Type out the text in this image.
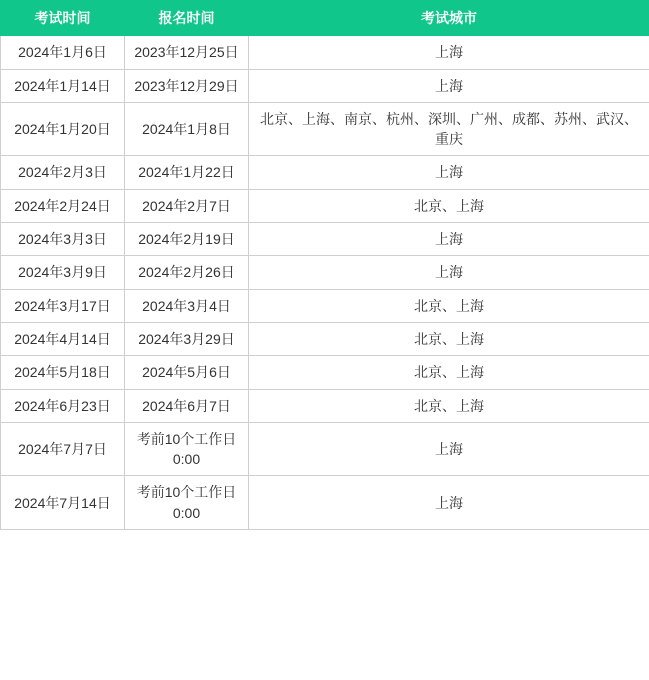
考试时间	报名时间	考试城市
2024年1月6日	2023年12月25日	上海
2024年1月14日	2023年12月29日	上海
2024年1月20日	2024年1月8日	北京、上海、南京、杭州、深圳、广州、成都、苏州、武汉、重庆
2024年2月3日	2024年1月22日	上海
2024年2月24日	2024年2月7日	北京、上海
2024年3月3日	2024年2月19日	上海
2024年3月9日	2024年2月26日	上海
2024年3月17日	2024年3月4日	北京、上海
2024年4月14日	2024年3月29日	北京、上海
2024年5月18日	2024年5月6日	北京、上海
2024年6月23日	2024年6月7日	北京、上海
2024年7月7日	考前10个工作日0:00	上海
2024年7月14日	考前10个工作日0:00	上海
